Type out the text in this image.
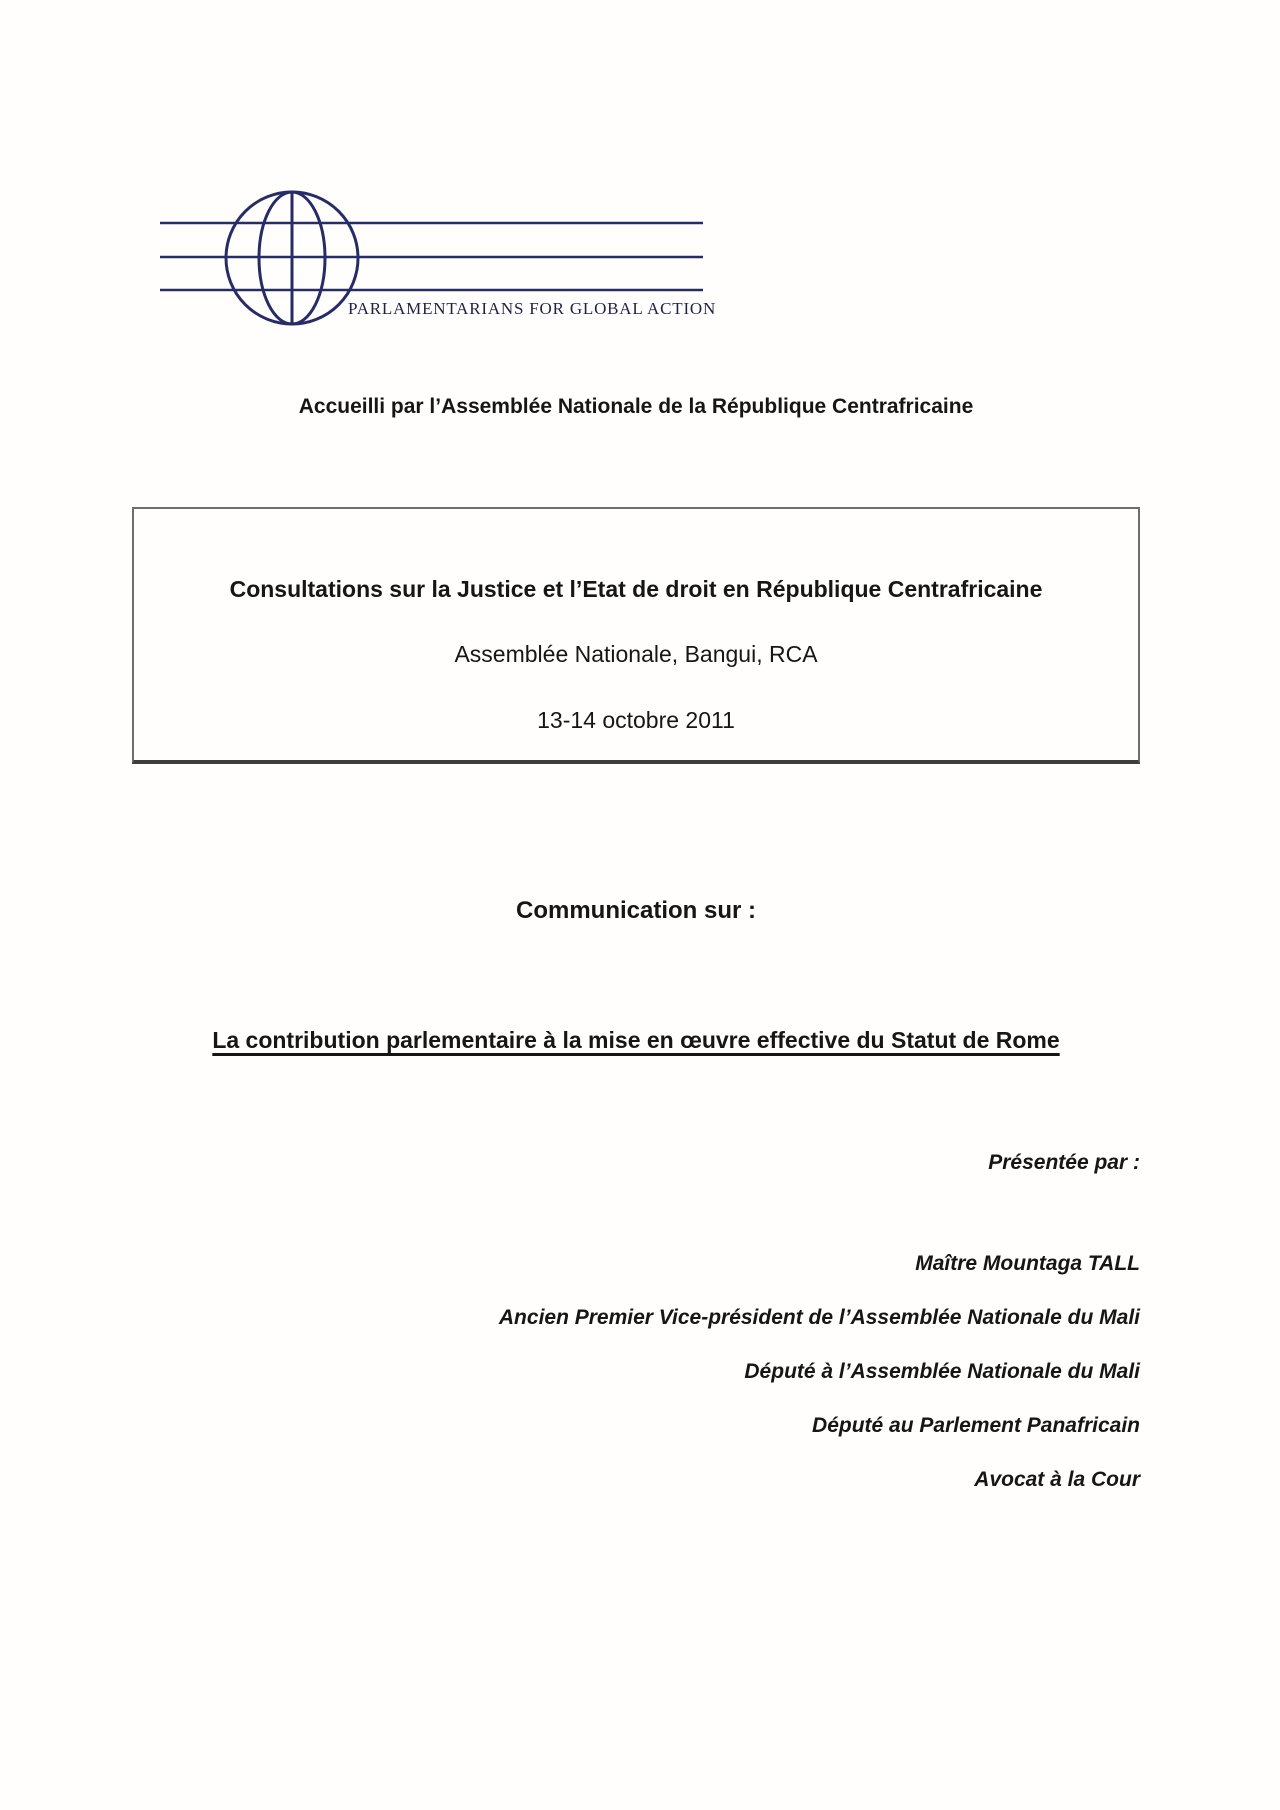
PARLAMENTARIANS FOR GLOBAL ACTION
Accueilli par l’Assemblée Nationale de la République Centrafricaine
Consultations sur la Justice et l’Etat de droit en République Centrafricaine
Assemblée Nationale, Bangui, RCA
13-14 octobre 2011
Communication sur :
La contribution parlementaire à la mise en œuvre effective du Statut de Rome
Présentée par :
Maître Mountaga TALL
Ancien Premier Vice-président de l’Assemblée Nationale du Mali
Député à l’Assemblée Nationale du Mali
Député au Parlement Panafricain
Avocat à la Cour
